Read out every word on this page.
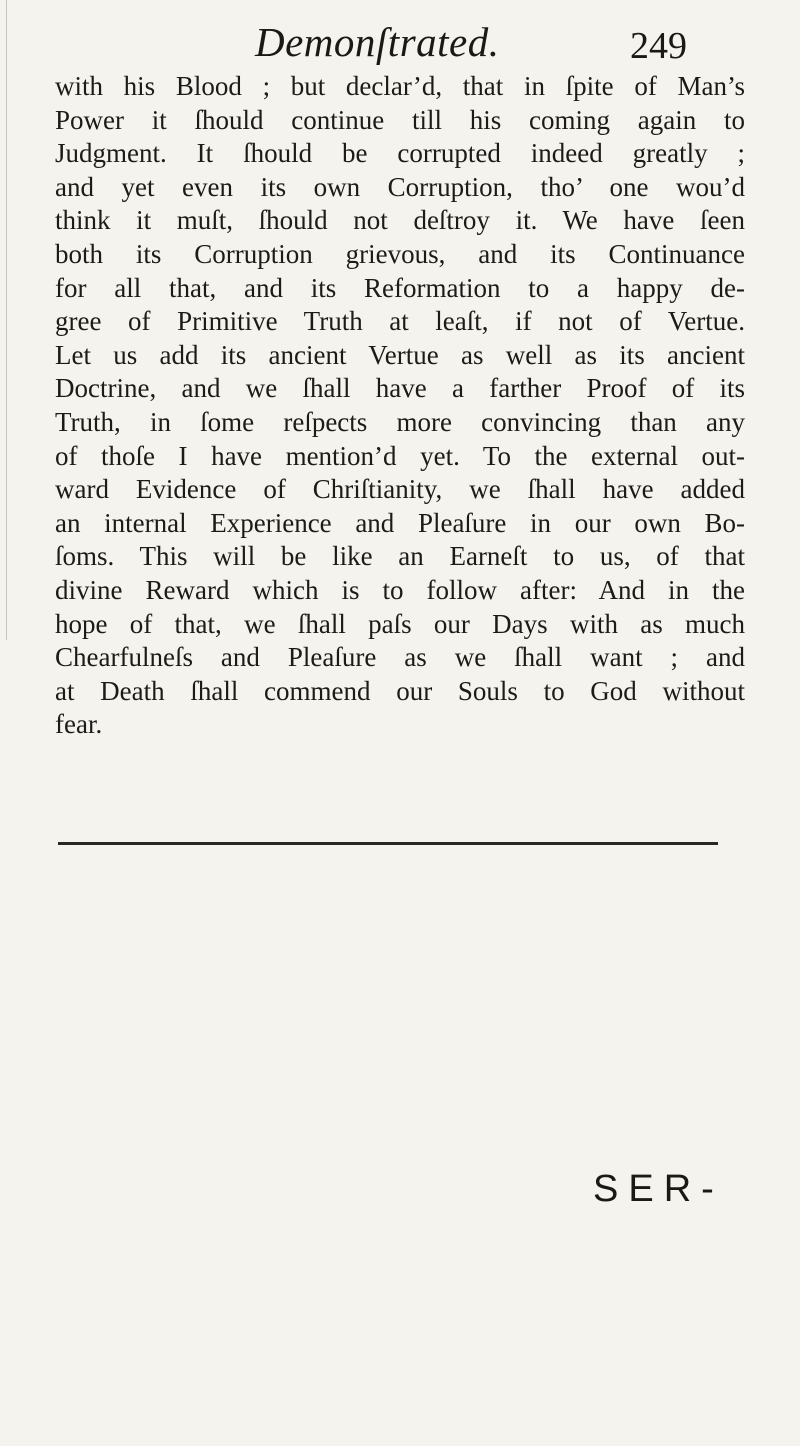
Demonſtrated.	249
with his Blood ; but declar’d, that in ſpite of Man’s
Power it ſhould continue till his coming again to
Judgment. It ſhould be corrupted indeed greatly ;
and yet even its own Corruption, tho’ one wou’d
think it muſt, ſhould not deſtroy it. We have ſeen
both its Corruption grievous, and its Continuance
for all that, and its Reformation to a happy de-
gree of Primitive Truth at leaſt, if not of Vertue.
Let us add its ancient Vertue as well as its ancient
Doctrine, and we ſhall have a farther Proof of its
Truth, in ſome reſpects more convincing than any
of thoſe I have mention’d yet. To the external out-
ward Evidence of Chriſtianity, we ſhall have added
an internal Experience and Pleaſure in our own Bo-
ſoms. This will be like an Earneſt to us, of that
divine Reward which is to follow after: And in the
hope of that, we ſhall paſs our Days with as much
Chearfulneſs and Pleaſure as we ſhall want ; and
at Death ſhall commend our Souls to God without
fear.
SER-
